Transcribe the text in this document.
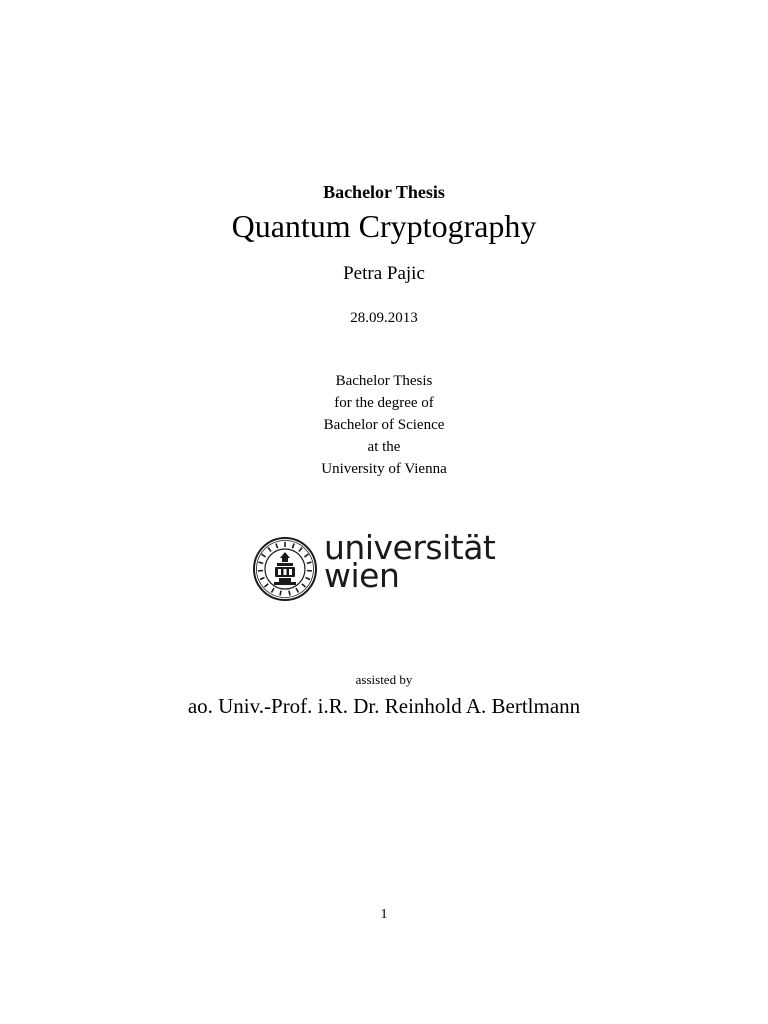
Bachelor Thesis
Quantum Cryptography
Petra Pajic
28.09.2013
Bachelor Thesis
for the degree of
Bachelor of Science
at the
University of Vienna
universität
wien
assisted by
ao. Univ.-Prof. i.R. Dr. Reinhold A. Bertlmann
1
